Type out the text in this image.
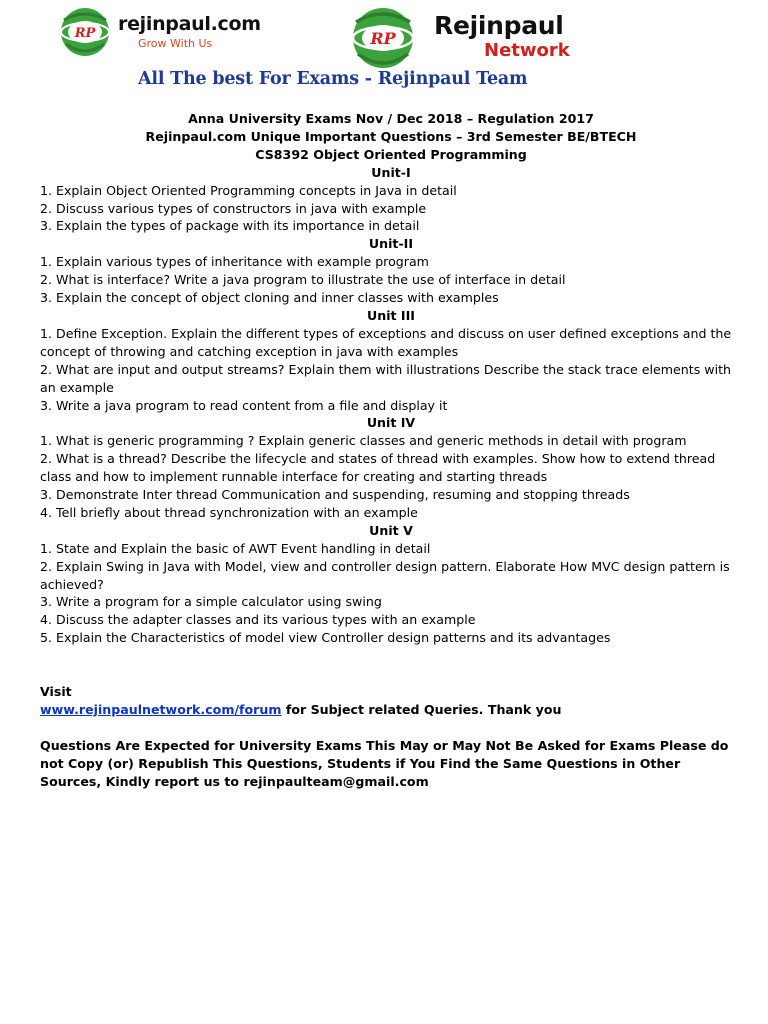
RP rejinpaul.com
Grow With Us	RP Rejinpaul
Network
All The best For Exams - Rejinpaul Team

Anna University Exams Nov / Dec 2018 – Regulation 2017

Rejinpaul.com Unique Important Questions – 3rd Semester BE/BTECH

CS8392 Object Oriented Programming

Unit-I

1. Explain Object Oriented Programming concepts in Java in detail

2. Discuss various types of constructors in java with example

3. Explain the types of package with its importance in detail

Unit-II

1. Explain various types of inheritance with example program

2. What is interface? Write a java program to illustrate the use of interface in detail

3. Explain the concept of object cloning and inner classes with examples

Unit III

1. Define Exception. Explain the different types of exceptions and discuss on user defined exceptions and the concept of throwing and catching exception in java with examples

2. What are input and output streams? Explain them with illustrations Describe the stack trace elements with an example

3. Write a java program to read content from a file and display it

Unit IV

1. What is generic programming ? Explain generic classes and generic methods in detail with program

2. What is a thread? Describe the lifecycle and states of thread with examples. Show how to extend thread class and how to implement runnable interface for creating and starting threads

3. Demonstrate Inter thread Communication and suspending, resuming and stopping threads

4. Tell briefly about thread synchronization with an example

Unit V

1. State and Explain the basic of AWT Event handling in detail

2. Explain Swing in Java with Model, view and controller design pattern. Elaborate How MVC design pattern is achieved?

3. Write a program for a simple calculator using swing

4. Discuss the adapter classes and its various types with an example

5. Explain the Characteristics of model view Controller design patterns and its advantages

Visit

www.rejinpaulnetwork.com/forum for Subject related Queries. Thank you

Questions Are Expected for University Exams This May or May Not Be Asked for Exams Please do not Copy (or) Republish This Questions, Students if You Find the Same Questions in Other Sources, Kindly report us to rejinpaulteam@gmail.com
